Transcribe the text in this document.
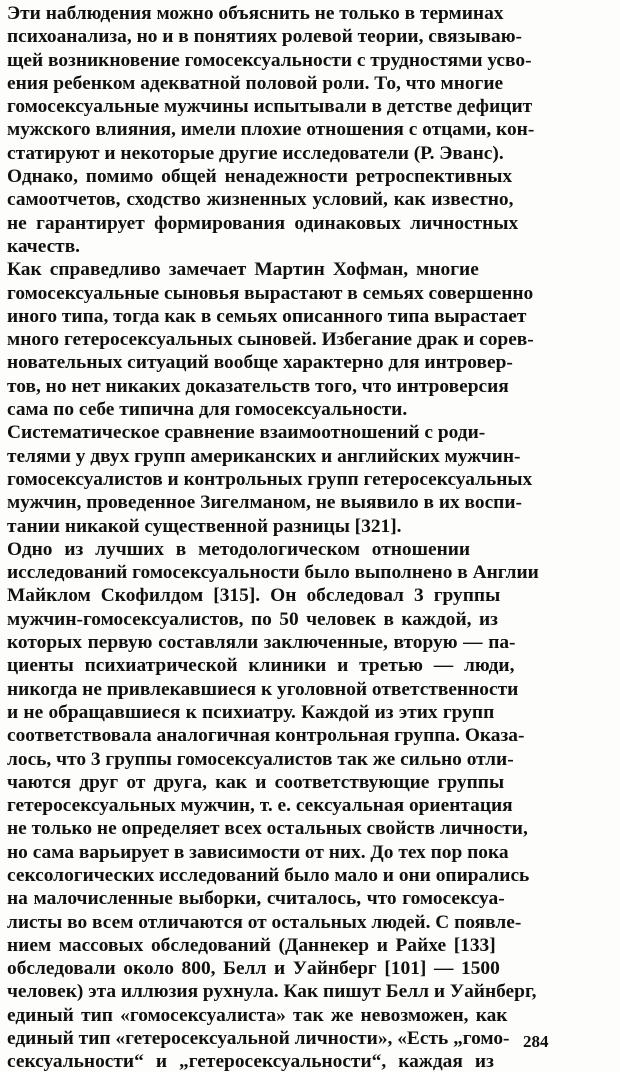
Эти наблюдения можно объяснить не только в терминах
психоанализа, но и в понятиях ролевой теории, связываю-
щей возникновение гомосексуальности с трудностями усво-
ения ребенком адекватной половой роли. То, что многие
гомосексуальные мужчины испытывали в детстве дефицит
мужского влияния, имели плохие отношения с отцами, кон-
статируют и некоторые другие исследователи (Р. Эванс).
Однако, помимо общей ненадежности ретроспективных
самоотчетов, сходство жизненных условий, как известно,
не гарантирует формирования одинаковых личностных
качеств.
Как справедливо замечает Мартин Хофман, многие
гомосексуальные сыновья вырастают в семьях совершенно
иного типа, тогда как в семьях описанного типа вырастает
много гетеросексуальных сыновей. Избегание драк и сорев-
новательных ситуаций вообще характерно для интровер-
тов, но нет никаких доказательств того, что интроверсия
сама по себе типична для гомосексуальности.
Систематическое сравнение взаимоотношений с роди-
телями у двух групп американских и английских мужчин-
гомосексуалистов и контрольных групп гетеросексуальных
мужчин, проведенное Зигелманом, не выявило в их воспи-
тании никакой существенной разницы [321].
Одно из лучших в методологическом отношении
исследований гомосексуальности было выполнено в Англии
Майклом Скофилдом [315]. Он обследовал 3 группы
мужчин-гомосексуалистов, по 50 человек в каждой, из
которых первую составляли заключенные, вторую — па-
циенты психиатрической клиники и третью — люди,
никогда не привлекавшиеся к уголовной ответственности
и не обращавшиеся к психиатру. Каждой из этих групп
соответствовала аналогичная контрольная группа. Оказа-
лось, что 3 группы гомосексуалистов так же сильно отли-
чаются друг от друга, как и соответствующие группы
гетеросексуальных мужчин, т. е. сексуальная ориентация
не только не определяет всех остальных свойств личности,
но сама варьирует в зависимости от них. До тех пор пока
сексологических исследований было мало и они опирались
на малочисленные выборки, считалось, что гомосексуа-
листы во всем отличаются от остальных людей. С появле-
нием массовых обследований (Даннекер и Райхе [133]
обследовали около 800, Белл и Уайнберг [101] — 1500
человек) эта иллюзия рухнула. Как пишут Белл и Уайнберг,
единый тип «гомосексуалиста» так же невозможен, как
единый тип «гетеросексуальной личности», «Есть „гомо-
сексуальности“ и „гетеросексуальности“, каждая из
284
